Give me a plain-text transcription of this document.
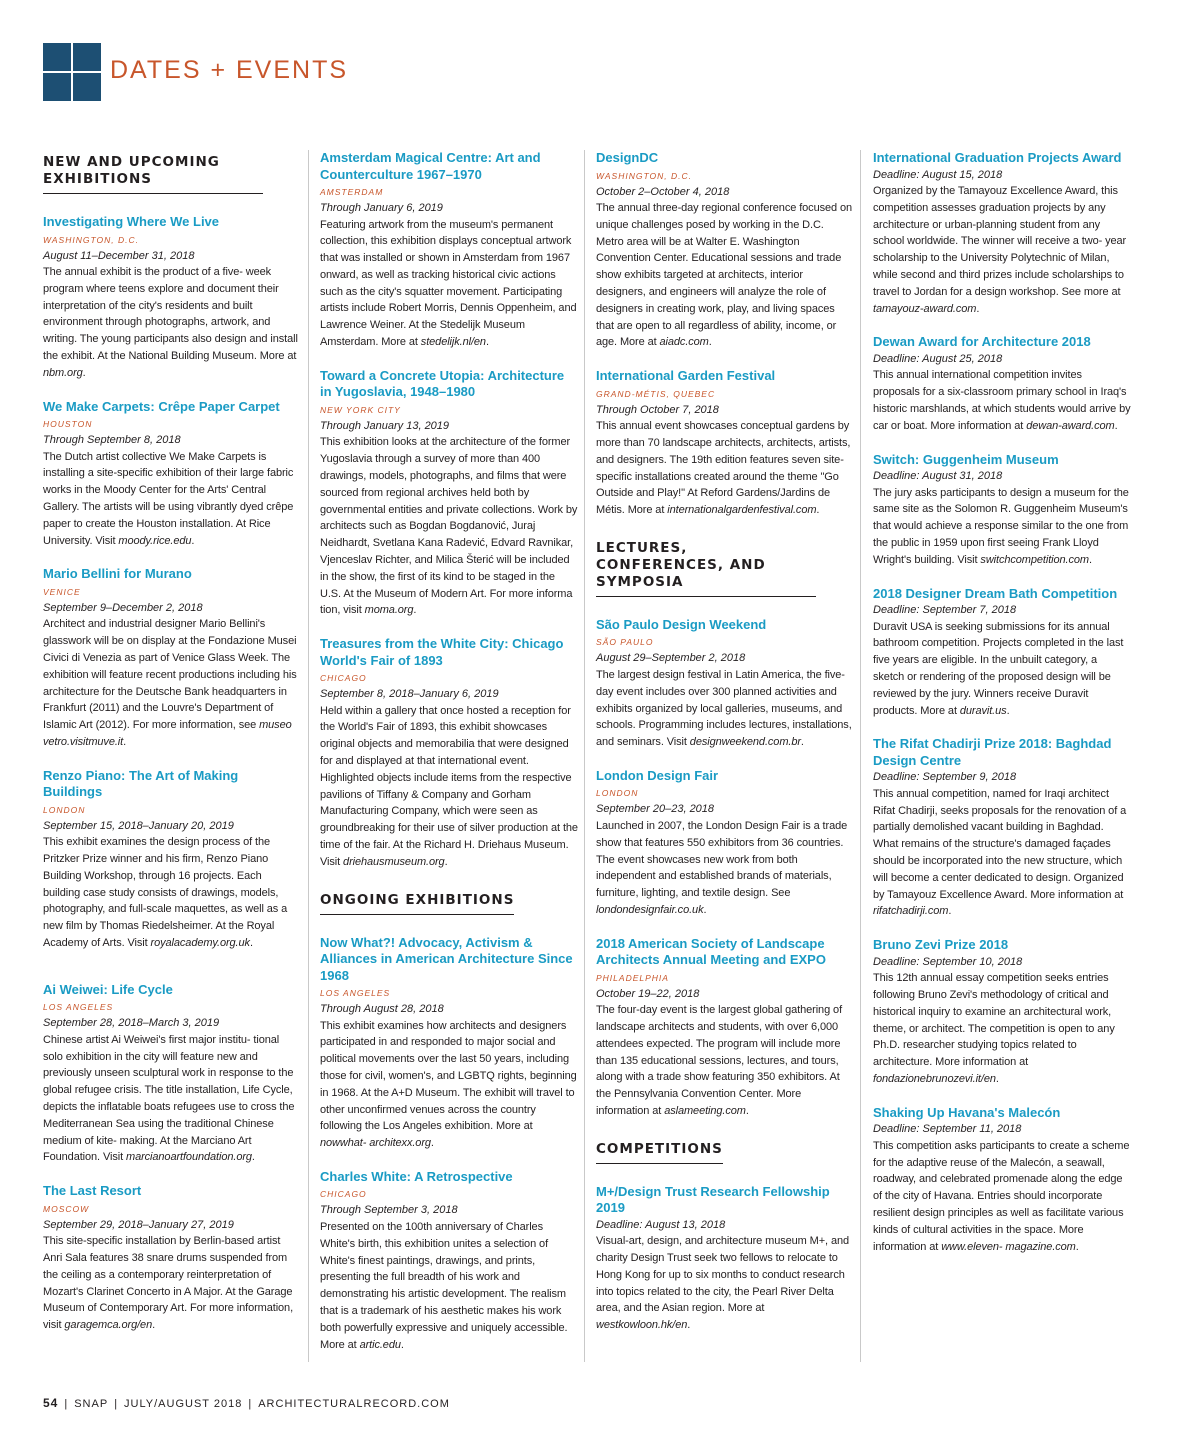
DATES + EVENTS
NEW AND UPCOMING EXHIBITIONS
Investigating Where We Live
WASHINGTON, D.C.
August 11–December 31, 2018
The annual exhibit is the product of a five- week program where teens explore and document their interpretation of the city's residents and built environment through photographs, artwork, and writing. The young participants also design and install the exhibit. At the National Building Museum. More at nbm.org.
We Make Carpets: Crêpe Paper Carpet
HOUSTON
Through September 8, 2018
The Dutch artist collective We Make Carpets is installing a site-specific exhibition of their large fabric works in the Moody Center for the Arts' Central Gallery. The artists will be using vibrantly dyed crêpe paper to create the Houston installation. At Rice University. Visit moody.rice.edu.
Mario Bellini for Murano
VENICE
September 9–December 2, 2018
Architect and industrial designer Mario Bellini's glasswork will be on display at the Fondazione Musei Civici di Venezia as part of Venice Glass Week. The exhibition will feature recent productions including his architecture for the Deutsche Bank headquarters in Frankfurt (2011) and the Louvre's Department of Islamic Art (2012). For more information, see museo vetro.visitmuve.it.
Renzo Piano: The Art of Making Buildings
LONDON
September 15, 2018–January 20, 2019
This exhibit examines the design process of the Pritzker Prize winner and his firm, Renzo Piano Building Workshop, through 16 projects. Each building case study consists of drawings, models, photography, and full-scale maquettes, as well as a new film by Thomas Riedelsheimer. At the Royal Academy of Arts. Visit royalacademy.org.uk.
Ai Weiwei: Life Cycle
LOS ANGELES
September 28, 2018–March 3, 2019
Chinese artist Ai Weiwei's first major institu- tional solo exhibition in the city will feature new and previously unseen sculptural work in response to the global refugee crisis. The title installation, Life Cycle, depicts the inflatable boats refugees use to cross the Mediterranean Sea using the traditional Chinese medium of kite- making. At the Marciano Art Foundation. Visit marcianoartfoundation.org.
The Last Resort
MOSCOW
September 29, 2018–January 27, 2019
This site-specific installation by Berlin-based artist Anri Sala features 38 snare drums suspended from the ceiling as a contemporary reinterpretation of Mozart's Clarinet Concerto in A Major. At the Garage Museum of Contemporary Art. For more information, visit garagemca.org/en.
Amsterdam Magical Centre: Art and Counterculture 1967–1970
AMSTERDAM
Through January 6, 2019
Featuring artwork from the museum's permanent collection, this exhibition displays conceptual artwork that was installed or shown in Amsterdam from 1967 onward, as well as tracking historical civic actions such as the city's squatter movement. Participating artists include Robert Morris, Dennis Oppenheim, and Lawrence Weiner. At the Stedelijk Museum Amsterdam. More at stedelijk.nl/en.
Toward a Concrete Utopia: Architecture in Yugoslavia, 1948–1980
NEW YORK CITY
Through January 13, 2019
This exhibition looks at the architecture of the former Yugoslavia through a survey of more than 400 drawings, models, photographs, and films that were sourced from regional archives held both by governmental entities and private collections. Work by architects such as Bogdan Bogdanović, Juraj Neidhardt, Svetlana Kana Radević, Edvard Ravnikar, Vjenceslav Richter, and Milica Šterić will be included in the show, the first of its kind to be staged in the U.S. At the Museum of Modern Art. For more informa tion, visit moma.org.
Treasures from the White City: Chicago World's Fair of 1893
CHICAGO
September 8, 2018–January 6, 2019
Held within a gallery that once hosted a reception for the World's Fair of 1893, this exhibit showcases original objects and memorabilia that were designed for and displayed at that international event. Highlighted objects include items from the respective pavilions of Tiffany & Company and Gorham Manufacturing Company, which were seen as groundbreaking for their use of silver production at the time of the fair. At the Richard H. Driehaus Museum. Visit driehausmuseum.org.
ONGOING EXHIBITIONS
Now What?! Advocacy, Activism & Alliances in American Architecture Since 1968
LOS ANGELES
Through August 28, 2018
This exhibit examines how architects and designers participated in and responded to major social and political movements over the last 50 years, including those for civil, women's, and LGBTQ rights, beginning in 1968. At the A+D Museum. The exhibit will travel to other unconfirmed venues across the country following the Los Angeles exhibition. More at nowwhat- architexx.org.
Charles White: A Retrospective
CHICAGO
Through September 3, 2018
Presented on the 100th anniversary of Charles White's birth, this exhibition unites a selection of White's finest paintings, drawings, and prints, presenting the full breadth of his work and demonstrating his artistic development. The realism that is a trademark of his aesthetic makes his work both powerfully expressive and uniquely accessible. More at artic.edu.
DesignDC
WASHINGTON, D.C.
October 2–October 4, 2018
The annual three-day regional conference focused on unique challenges posed by working in the D.C. Metro area will be at Walter E. Washington Convention Center. Educational sessions and trade show exhibits targeted at architects, interior designers, and engineers will analyze the role of designers in creating work, play, and living spaces that are open to all regardless of ability, income, or age. More at aiadc.com.
International Garden Festival
GRAND-MÉTIS, QUEBEC
Through October 7, 2018
This annual event showcases conceptual gardens by more than 70 landscape architects, architects, artists, and designers. The 19th edition features seven site-specific installations created around the theme "Go Outside and Play!" At Reford Gardens/Jardins de Métis. More at internationalgardenfestival.com.
LECTURES, CONFERENCES, AND SYMPOSIA
São Paulo Design Weekend
SÃO PAULO
August 29–September 2, 2018
The largest design festival in Latin America, the five-day event includes over 300 planned activities and exhibits organized by local galleries, museums, and schools. Programming includes lectures, installations, and seminars. Visit designweekend.com.br.
London Design Fair
LONDON
September 20–23, 2018
Launched in 2007, the London Design Fair is a trade show that features 550 exhibitors from 36 countries. The event showcases new work from both independent and established brands of materials, furniture, lighting, and textile design. See londondesignfair.co.uk.
2018 American Society of Landscape Architects Annual Meeting and EXPO
PHILADELPHIA
October 19–22, 2018
The four-day event is the largest global gathering of landscape architects and students, with over 6,000 attendees expected. The program will include more than 135 educational sessions, lectures, and tours, along with a trade show featuring 350 exhibitors. At the Pennsylvania Convention Center. More information at aslameeting.com.
COMPETITIONS
M+/Design Trust Research Fellowship 2019
Deadline: August 13, 2018
Visual-art, design, and architecture museum M+, and charity Design Trust seek two fellows to relocate to Hong Kong for up to six months to conduct research into topics related to the city, the Pearl River Delta area, and the Asian region. More at westkowloon.hk/en.
International Graduation Projects Award
Deadline: August 15, 2018
Organized by the Tamayouz Excellence Award, this competition assesses graduation projects by any architecture or urban-planning student from any school worldwide. The winner will receive a two- year scholarship to the University Polytechnic of Milan, while second and third prizes include scholarships to travel to Jordan for a design workshop. See more at tamayouz-award.com.
Dewan Award for Architecture 2018
Deadline: August 25, 2018
This annual international competition invites proposals for a six-classroom primary school in Iraq's historic marshlands, at which students would arrive by car or boat. More information at dewan-award.com.
Switch: Guggenheim Museum
Deadline: August 31, 2018
The jury asks participants to design a museum for the same site as the Solomon R. Guggenheim Museum's that would achieve a response similar to the one from the public in 1959 upon first seeing Frank Lloyd Wright's building. Visit switchcompetition.com.
2018 Designer Dream Bath Competition
Deadline: September 7, 2018
Duravit USA is seeking submissions for its annual bathroom competition. Projects completed in the last five years are eligible. In the unbuilt category, a sketch or rendering of the proposed design will be reviewed by the jury. Winners receive Duravit products. More at duravit.us.
The Rifat Chadirji Prize 2018: Baghdad Design Centre
Deadline: September 9, 2018
This annual competition, named for Iraqi architect Rifat Chadirji, seeks proposals for the renovation of a partially demolished vacant building in Baghdad. What remains of the structure's damaged façades should be incorporated into the new structure, which will become a center dedicated to design. Organized by Tamayouz Excellence Award. More information at rifatchadirji.com.
Bruno Zevi Prize 2018
Deadline: September 10, 2018
This 12th annual essay competition seeks entries following Bruno Zevi's methodology of critical and historical inquiry to examine an architectural work, theme, or architect. The competition is open to any Ph.D. researcher studying topics related to architecture. More information at fondazionebrunozevi.it/en.
Shaking Up Havana's Malecón
Deadline: September 11, 2018
This competition asks participants to create a scheme for the adaptive reuse of the Malecón, a seawall, roadway, and celebrated promenade along the edge of the city of Havana. Entries should incorporate resilient design principles as well as facilitate various kinds of cultural activities in the space. More information at www.eleven- magazine.com.
54 | SNAP | JULY/AUGUST 2018 | ARCHITECTURALRECORD.COM
